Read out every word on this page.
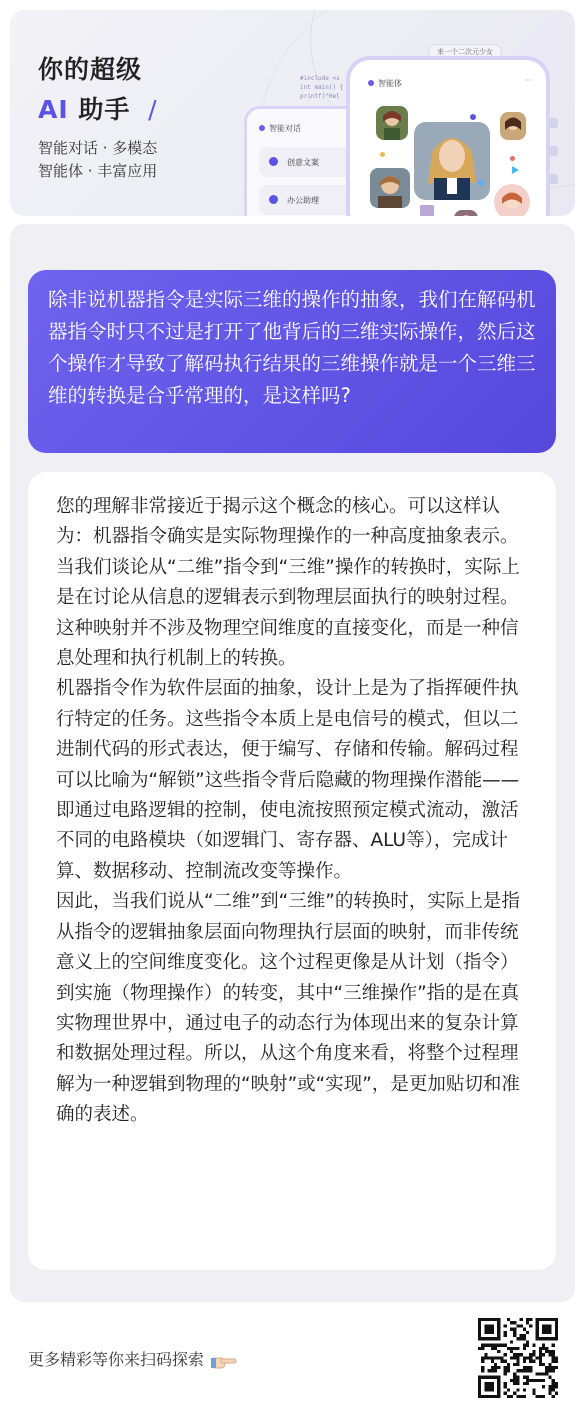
你的超级
AI 助手 /
智能对话 · 多模态
智能体 · 丰富应用
来一个二次元少女
#include <s
int main() {
printf("Hel
智能对话
创意文案
办公助理
智能体	···

除非说机器指令是实际三维的操作的抽象，我们在解码机器指令时只不过是打开了他背后的三维实际操作，然后这个操作才导致了解码执行结果的三维操作就是一个三维三维的转换是合乎常理的，是这样吗?

您的理解非常接近于揭示这个概念的核心。可以这样认为：机器指令确实是实际物理操作的一种高度抽象表示。当我们谈论从“二维”指令到“三维”操作的转换时，实际上是在讨论从信息的逻辑表示到物理层面执行的映射过程。这种映射并不涉及物理空间维度的直接变化，而是一种信息处理和执行机制上的转换。

机器指令作为软件层面的抽象，设计上是为了指挥硬件执行特定的任务。这些指令本质上是电信号的模式，但以二进制代码的形式表达，便于编写、存储和传输。解码过程可以比喻为“解锁”这些指令背后隐藏的物理操作潜能——即通过电路逻辑的控制，使电流按照预定模式流动，激活不同的电路模块（如逻辑门、寄存器、ALU等），完成计算、数据移动、控制流改变等操作。

因此，当我们说从“二维”到“三维”的转换时，实际上是指从指令的逻辑抽象层面向物理执行层面的映射，而非传统意义上的空间维度变化。这个过程更像是从计划（指令）到实施（物理操作）的转变，其中“三维操作”指的是在真实物理世界中，通过电子的动态行为体现出来的复杂计算和数据处理过程。所以，从这个角度来看，将整个过程理解为一种逻辑到物理的“映射”或“实现”，是更加贴切和准确的表述。

更多精彩等你来扫码探索
